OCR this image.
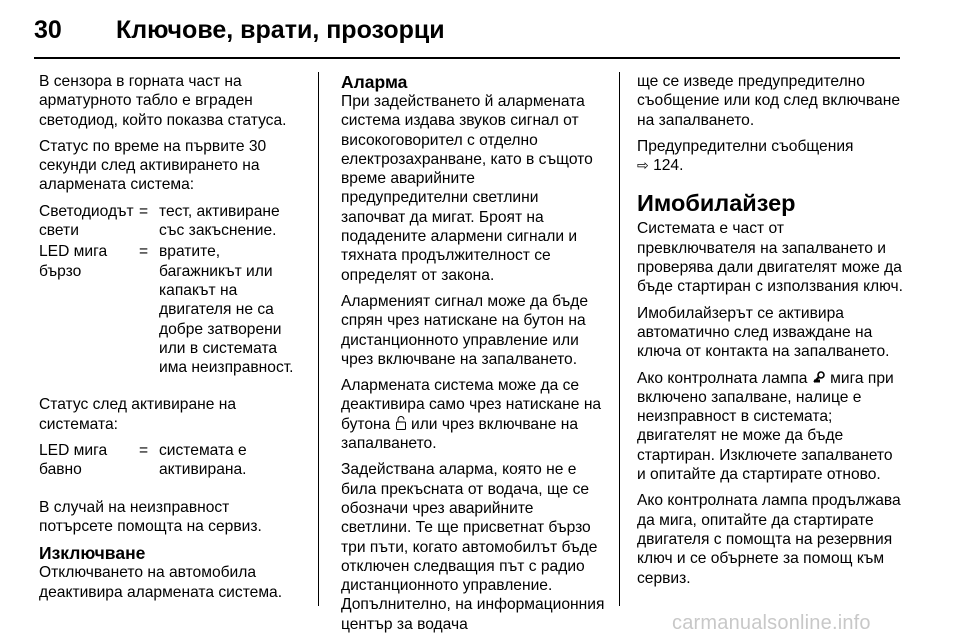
30	Ключове, врати, прозорци

В сензора в горната част на арматурното табло е вграден светодиод, който показва статуса.

Статус по време на първите 30 секунди след активирането на алармената система:

Светодиодът свети
= тест, активиране със закъснение.
LED мига бързо
= вратите, багажникът или капакът на двигателя не са добре затворени или в системата има неизправност.

Статус след активиране на системата:

LED мига бавно
= системата е активирана.

В случай на неизправност потърсете помощта на сервиз.

Изключване

Отключването на автомобила деактивира алармената система.

Аларма

При задействането й алармената система издава звуков сигнал от високоговорител с отделно електрозахранване, като в същото време аварийните предупредителни светлини започват да мигат. Броят на подадените алармени сигнали и тяхната продължителност се определят от закона.

Алармeният сигнал може да бъде спрян чрез натискане на бутон на дистанционното управление или чрез включване на запалването.

Алармената система може да се деактивира само чрез натискане на бутона или чрез включване на запалването.

Задействана аларма, която не е била прекъсната от водача, ще се обозначи чрез аварийните светлини. Те ще присветнат бързо три пъти, когато автомобилът бъде отключен следващия път с радио дистанционното управление. Допълнително, на информационния център за водача

ще се изведе предупредително съобщение или код след включване на запалването.

Предупредителни съобщения
⇨ 124.

Имобилайзер

Системата е част от превключвателя на запалването и проверява дали двигателят може да бъде стартиран с използвания ключ.

Имобилайзерът се активира автоматично след изваждане на ключа от контакта на запалването.

Ако контролната лампа мига при включено запалване, налице е неизправност в системата; двигателят не може да бъде стартиран. Изключете запалването и опитайте да стартирате отново.

Ако контролната лампа продължава да мига, опитайте да стартирате двигателя с помощта на резервния ключ и се обърнете за помощ към сервиз.

carmanualsonline.info
